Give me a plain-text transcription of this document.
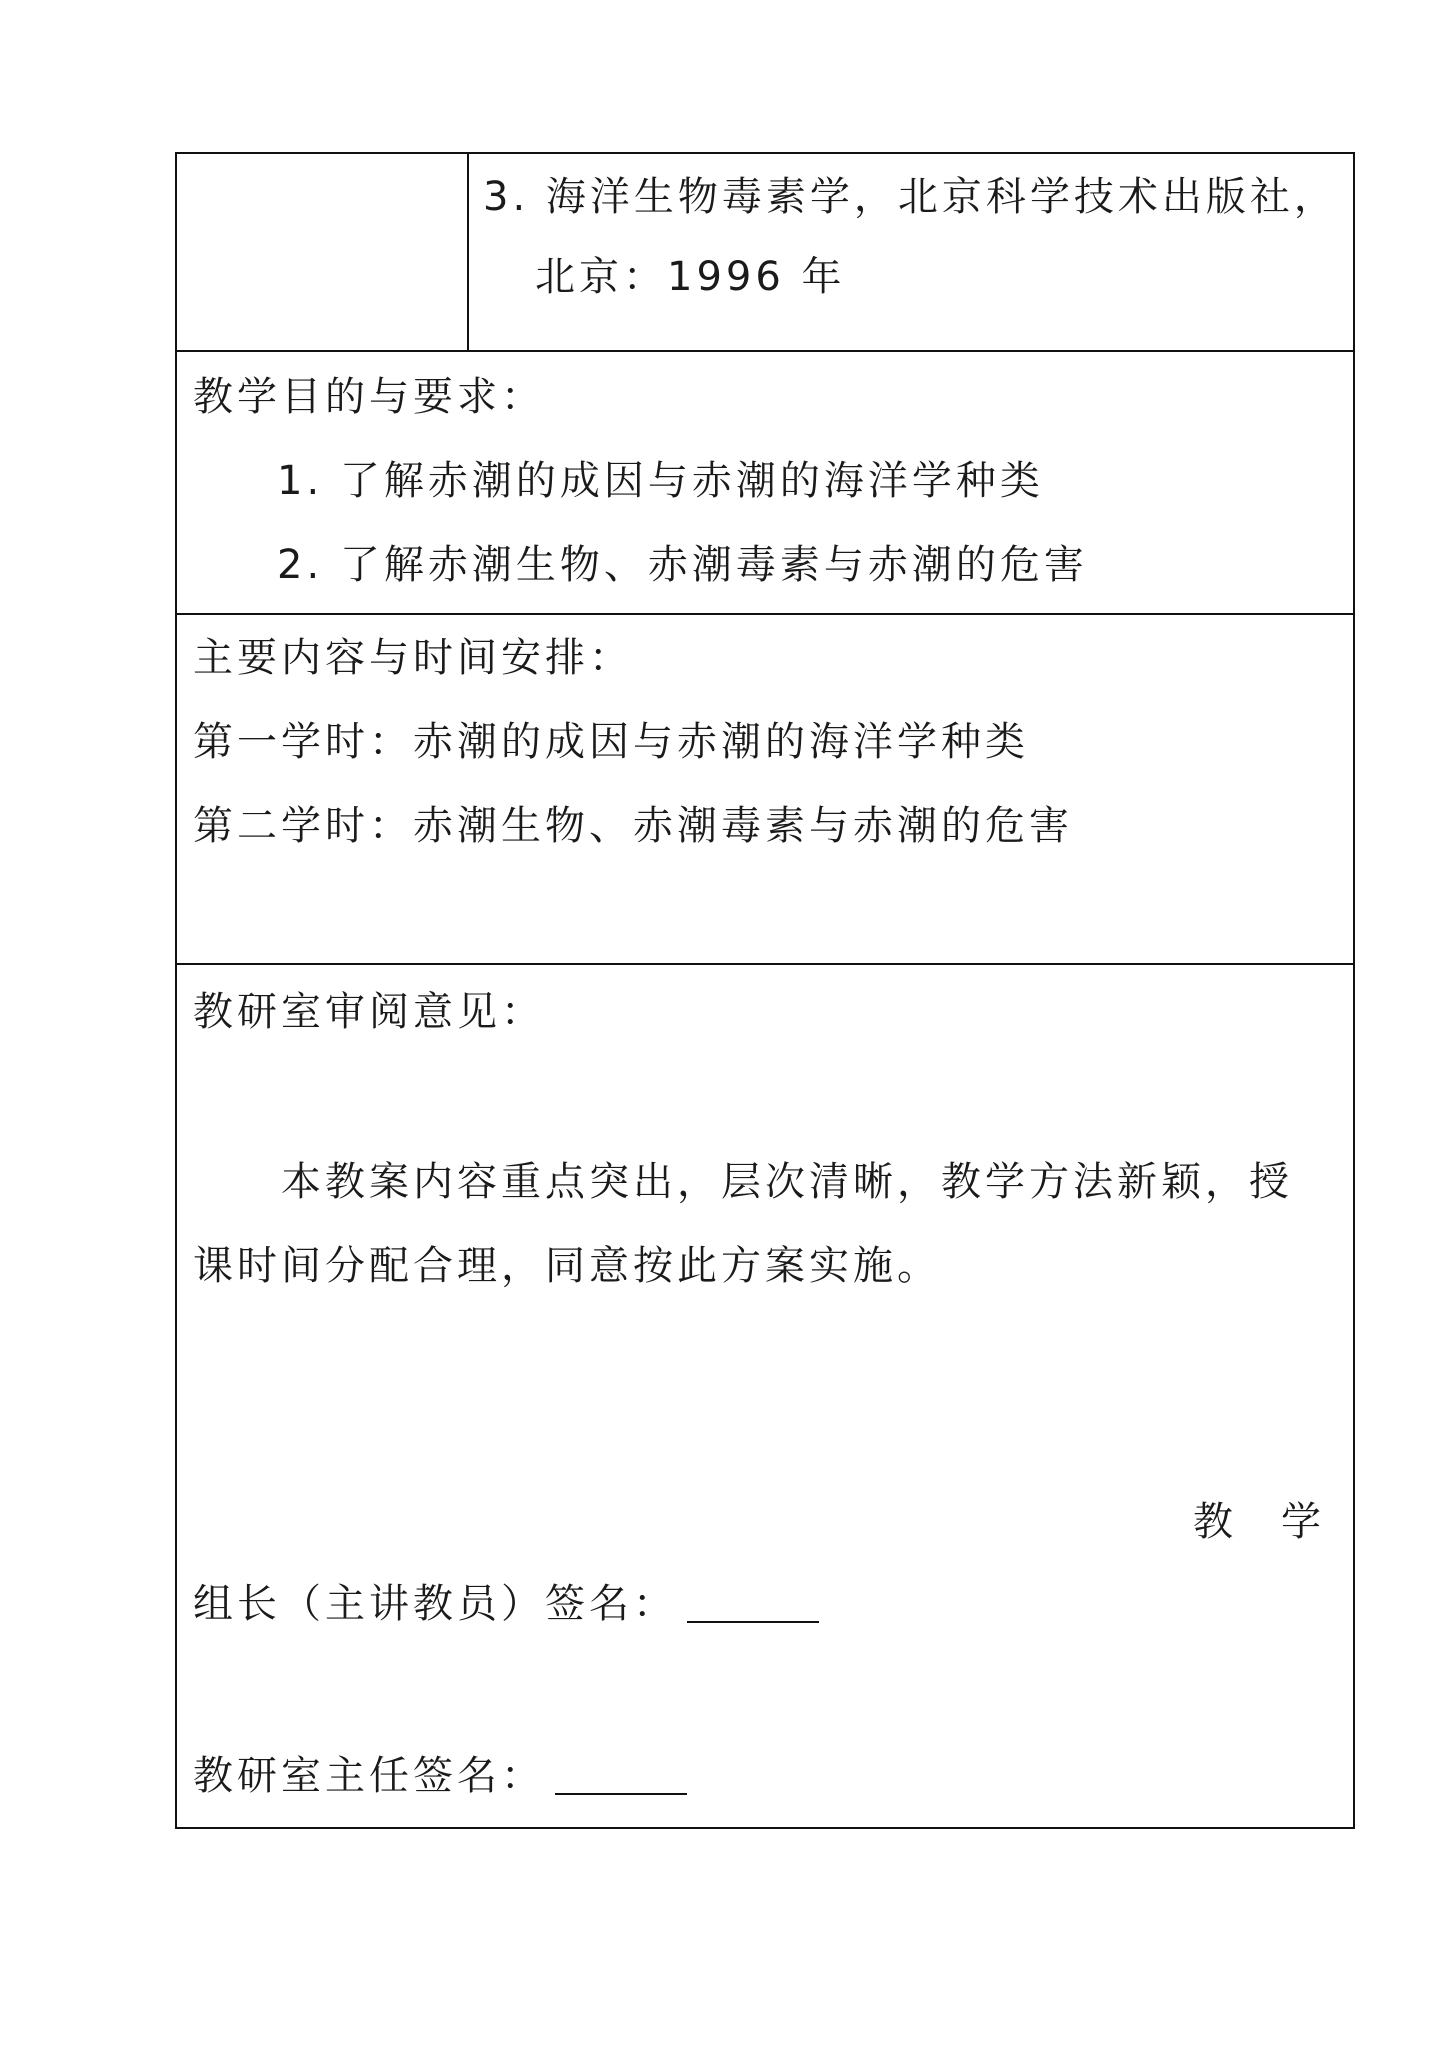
3. 海洋生物毒素学，北京科学技术出版社，
北京：1996 年
教学目的与要求：
1. 了解赤潮的成因与赤潮的海洋学种类
2. 了解赤潮生物、赤潮毒素与赤潮的危害
主要内容与时间安排：
第一学时：赤潮的成因与赤潮的海洋学种类
第二学时：赤潮生物、赤潮毒素与赤潮的危害
教研室审阅意见：
本教案内容重点突出，层次清晰，教学方法新颖，授
课时间分配合理，同意按此方案实施。
教　学
组长（主讲教员）签名：
教研室主任签名：
